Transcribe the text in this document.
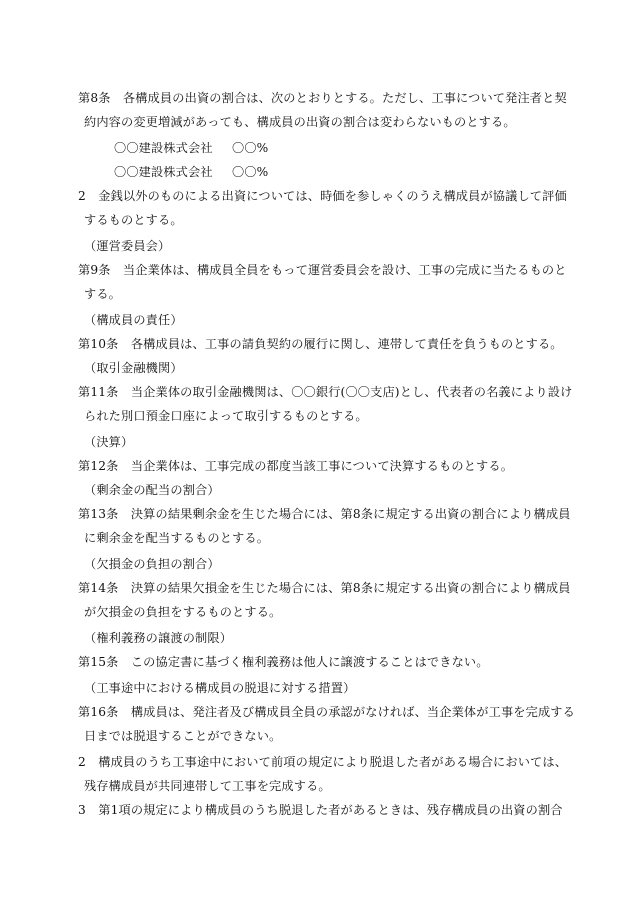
第8条　各構成員の出資の割合は、次のとおりとする。ただし、工事について発注者と契
約内容の変更増減があっても、構成員の出資の割合は変わらないものとする。
〇〇建設株式会社 〇〇%
〇〇建設株式会社 〇〇%
2　金銭以外のものによる出資については、時価を参しゃくのうえ構成員が協議して評価
するものとする。
（運営委員会）
第9条　当企業体は、構成員全員をもって運営委員会を設け、工事の完成に当たるものと
する。
（構成員の責任）
第10条　各構成員は、工事の請負契約の履行に関し、連帯して責任を負うものとする。
（取引金融機関）
第11条　当企業体の取引金融機関は、〇〇銀行(〇〇支店)とし、代表者の名義により設け
られた別口預金口座によって取引するものとする。
（決算）
第12条　当企業体は、工事完成の都度当該工事について決算するものとする。
（剰余金の配当の割合）
第13条　決算の結果剰余金を生じた場合には、第8条に規定する出資の割合により構成員
に剰余金を配当するものとする。
（欠損金の負担の割合）
第14条　決算の結果欠損金を生じた場合には、第8条に規定する出資の割合により構成員
が欠損金の負担をするものとする。
（権利義務の譲渡の制限）
第15条　この協定書に基づく権利義務は他人に譲渡することはできない。
（工事途中における構成員の脱退に対する措置）
第16条　構成員は、発注者及び構成員全員の承認がなければ、当企業体が工事を完成する
日までは脱退することができない。
2　構成員のうち工事途中において前項の規定により脱退した者がある場合においては、
残存構成員が共同連帯して工事を完成する。
3　第1項の規定により構成員のうち脱退した者があるときは、残存構成員の出資の割合
